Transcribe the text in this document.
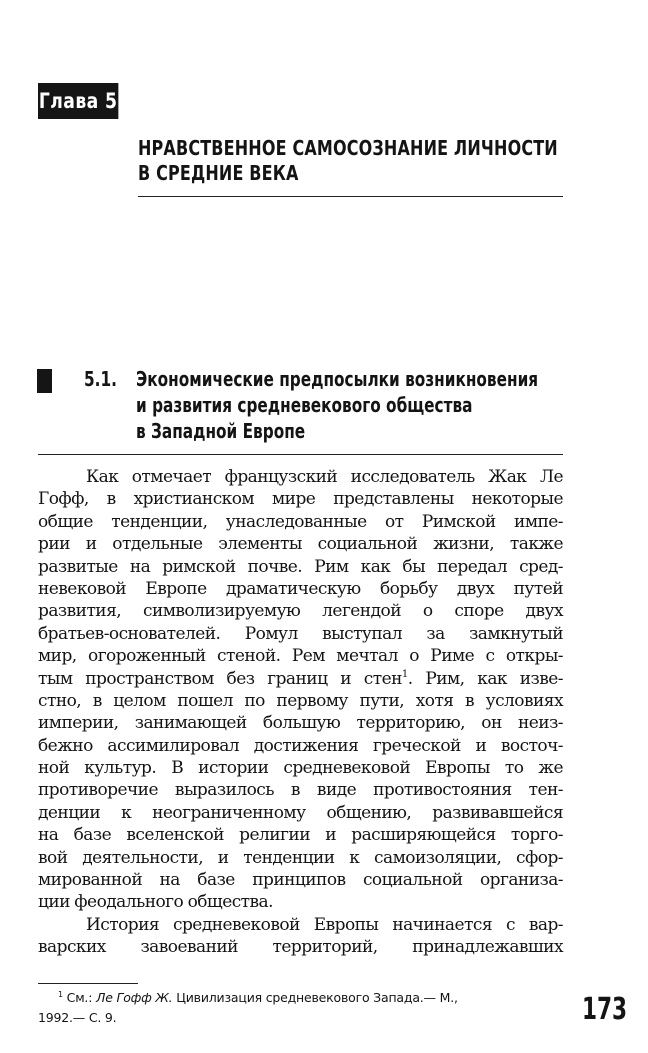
Глава 5
НРАВСТВЕННОЕ САМОСОЗНАНИЕ ЛИЧНОСТИ
В СРЕДНИЕ ВЕКА
5.1. Экономические предпосылки возникновения
и развития средневекового общества
в Западной Европе
Как отмечает французский исследователь Жак Ле
Гофф, в христианском мире представлены некоторые
общие тенденции, унаследованные от Римской импе-
рии и отдельные элементы социальной жизни, также
развитые на римской почве. Рим как бы передал сред-
невековой Европе драматическую борьбу двух путей
развития, символизируемую легендой о споре двух
братьев-основателей. Ромул выступал за замкнутый
мир, огороженный стеной. Рем мечтал о Риме с откры-
тым пространством без границ и стен$^1$. Рим, как изве-
стно, в целом пошел по первому пути, хотя в условиях
империи, занимающей большую территорию, он неиз-
бежно ассимилировал достижения греческой и восточ-
ной культур. В истории средневековой Европы то же
противоречие выразилось в виде противостояния тен-
денции к неограниченному общению, развивавшейся
на базе вселенской религии и расширяющейся торго-
вой деятельности, и тенденции к самоизоляции, сфор-
мированной на базе принципов социальной организа-
ции феодального общества.
История средневековой Европы начинается с вар-
варских завоеваний территорий, принадлежавших
$^1$ См.: Ле Гофф Ж. Цивилизация средневекового Запада.— М.,
1992.— С. 9.	173
